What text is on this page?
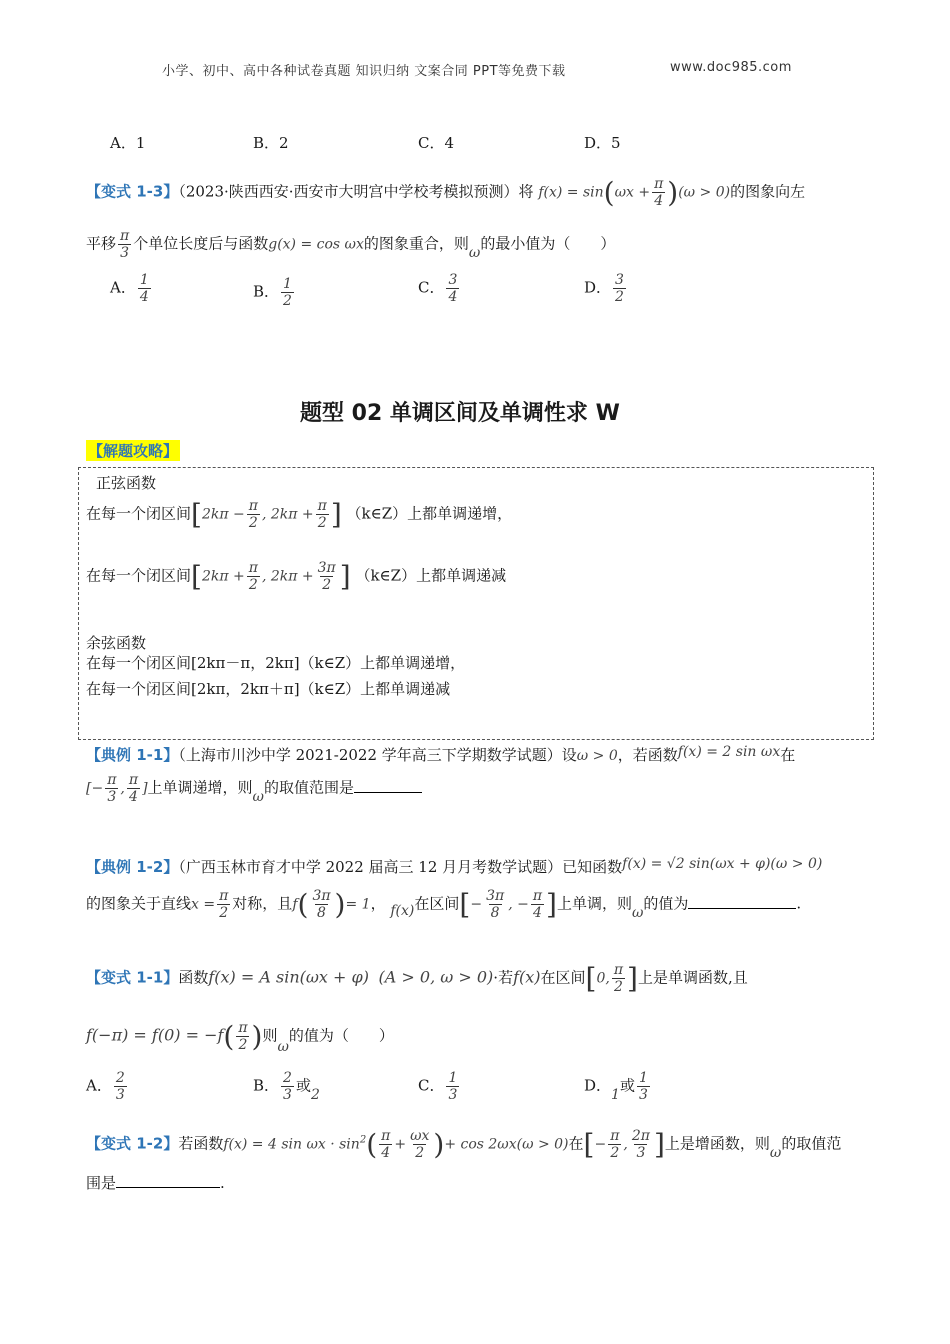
小学、初中、高中各种试卷真题 知识归纳 文案合同 PPT等免费下载	www.doc985.com
A．1	B．2	C．4	D．5
【变式 1-3】（2023·陕西西安·西安市大明宫中学校考模拟预测）将 $f(x) = \sin(\omega x + \frac{\pi}{4} )(\omega > 0)$的图象向左
平移 $\frac{\pi}{3}$ 个单位长度后与函数g(x) = cos ωx的图象重合，则ω的最小值为（　　）
A． $\frac{1}{4}$	B． $\frac{1}{2}$	C． $\frac{3}{4}$	D． $\frac{3}{2}$
题型 02 单调区间及单调性求 W
【解题攻略】
正弦函数
在每一个闭区间[$2k\pi - \frac{\pi}{2}$ , $2k\pi + \frac{\pi}{2}$ ] （k∈Z）上都单调递增，
在每一个闭区间[$2k\pi + \frac{\pi}{2}$ , $2k\pi + \frac{3\pi}{2}$ ] （k∈Z）上都单调递减
余弦函数
在每一个闭区间[2kπ－π，2kπ]（k∈Z）上都单调递增，
在每一个闭区间[2kπ，2kπ＋π]（k∈Z）上都单调递减
【典例 1-1】（上海市川沙中学 2021-2022 学年高三下学期数学试题）设ω > 0，若函数f(x) = 2 sin ωx在
[− $\frac{\pi}{3}$ , $\frac{\pi}{4}$ ]上单调递增，则ω的取值范围是
【典例 1-2】（广西玉林市育才中学 2022 届高三 12 月月考数学试题）已知函数f(x) = √2 sin(ωx + φ)(ω > 0)
的图象关于直线$x = \frac{\pi}{2}$ 对称，且$f( \frac{3\pi}{8}$ )= 1， f(x)在区间[− $\frac{3\pi}{8}$ , − $\frac{\pi}{4}$ ]上单调，则ω的值为	.
【变式 1-1】函数f(x) = A sin(ωx + φ) (A > 0, ω > 0)·若f(x)在区间[0, $\frac{\pi}{2}$ ]上是单调函数,且
$f(-\pi) = f(0) = -f( \frac{\pi}{2}$ )则ω的值为（　　）
A． $\frac{2}{3}$	B． $\frac{2}{3}$ 或2	C． $\frac{1}{3}$	D．1或 $\frac{1}{3}$
【变式 1-2】若函数f(x) = 4 $\sin \omega x \cdot \sin^2( \frac{\pi}{4} + \frac{\omega x}{2}$ )+ cos 2ωx(ω > 0)在[− $\frac{\pi}{2}$ , $\frac{2\pi}{3}$ ]上是增函数，则ω的取值范
围是	.
